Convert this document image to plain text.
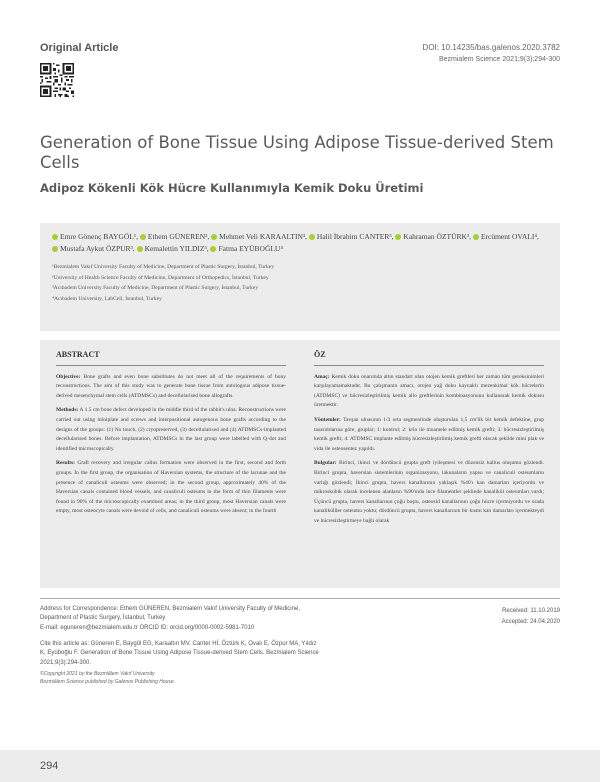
Original Article	DOI: 10.14235/bas.galenos.2020.3782
Bezmialem Science 2021;9(3):294-300
Generation of Bone Tissue Using Adipose Tissue-derived Stem Cells
Adipoz Kökenli Kök Hücre Kullanımıyla Kemik Doku Üretimi
Emre Gönenç BAYGÖL¹, Ethem GÜNEREN², Mehmet Veli KARAALTIN³, Halil İbrahim CANTER³, Kahraman ÖZTÜRK³, Ercüment OVALI⁴, Mustafa Aykut ÖZPUR³, Kemalettin YILDIZ³, Fatma EYÜBOĞLU⁴
¹Bezmialem Vakıf University Faculty of Medicine, Department of Plastic Surgery, İstanbul, Turkey
²University of Health Science Faculty of Medicine, Department of Orthopedics, İstanbul, Turkey
³Acıbadem University Faculty of Medicine, Department of Plastic Surgery, İstanbul, Turkey
⁴Acıbadem University, LabCell, İstanbul, Turkey
ABSTRACT

Objective: Bone grafts and even bone substitutes do not meet all of the requirements of bony reconstructions. The aim of this study was to generate bone tissue from autologous adipose tissue-derived mesenchymal stem cells (ATDMSCs) and decellularised bone allografts.

Methods: A 1.5 cm bone defect developed in the middle third of the rabbit's ulna. Reconstructions were carried out using miniplate and screws and interpositional autogenous bone grafts according to the designs of the groups: (1) No touch, (2) cryopreserved, (3) decellularised and (4) ATDMSCs-implanted decellularised bones. Before implantation, ATDMSCs in the last group were labelled with Q-dot and identified microscopically.

Results: Graft recovery and irregular callus formation were observed in the first, second and forth groups. In the first group, the organisation of Haversian systems, the structure of the lacunae and the presence of canaliculi osteums were observed; in the second group, approximately 40% of the Haversian canals contained blood vessels, and canaliculi osteums in the form of thin filaments were found in 90% of the microscopically examined areas; in the third group, most Haversian canals were empty, most osteocyte canals were devoid of cells, and canaliculi osteums were absent; in the fourth

ÖZ

Amaç: Kemik doku onarımda altın standart olan otojen kemik greftleri her zaman tüm gereksinimleri karşılayamamaktadır. Bu çalışmanın amacı, otojen yağ doku kaynaklı mezenkimal kök hücrelerin (ATDMSC) ve hücresizleştirilmiş kemik allo greftlerinin kombinasyonunu kullanarak kemik dokusu üretmektir.

Yöntemler: Tavşan ulnasının 1/3 orta segmentinde oluşturulan 1,5 cm'lik bir kemik defektine, grup tasarımlarına göre, gruplar; 1: kontrol; 2: krio ile muamele edilmiş kemik grefti; 3: hücresizleştirilmiş kemik grefti; 4: ATDMSC implante edilmiş hücresizleştirilmiş kemik grefti olacak şekilde mini plak ve vida ile osteosentez yapıldı.

Bulgular: Birinci, ikinci ve dördüncü grupta greft iyileşmesi ve düzensiz kallus oluşumu gözlendi. Birinci grupta, haversian sistemlerinin organizasyonu, lakunaların yapısı ve canaliculi osteumların varlığı gözlendi; İkinci grupta, havers kanallarının yaklaşık %40'ı kan damarları içeriyordu ve mikroskobik olarak incelenen alanların %90'ında ince filamentler şeklinde kanalikül osteumları vardı; Üçüncü grupta, havers kanallarının çoğu boştu, osteosid kanallarının çoğu hücre içermiyordu ve orada kanalikülller osteumu yoktu; dördüncü grupta, havers kanallarının bir kısmı kan damarları içermekteydi ve hücresizleştirmeye bağlı olarak

Address for Correspondence: Ethem GÜNEREN, Bezmialem Vakıf University Faculty of Medicine,
Department of Plastic Surgery, İstanbul, Turkey
E-mail: eguneren@bezmialem.edu.tr ORCID ID: orcid.org/0000-0002-5981-7010
Received: 11.10.2019
Accepted: 24.04.2020
Cite this article as: Güneren E, Baygöl EG, Karaaltın MV, Canter Hİ, Öztürk K, Ovalı E, Özpur MA, Yıldız
K, Eyüboğlu F. Generation of Bone Tissue Using Adipose Tissue-derived Stem Cells. Bezmialem Science
2021;9(3):294-300.
©Copyright 2021 by the Bezmiâlem Vakıf University
Bezmiâlem Science published by Galenos Publishing House.
294
